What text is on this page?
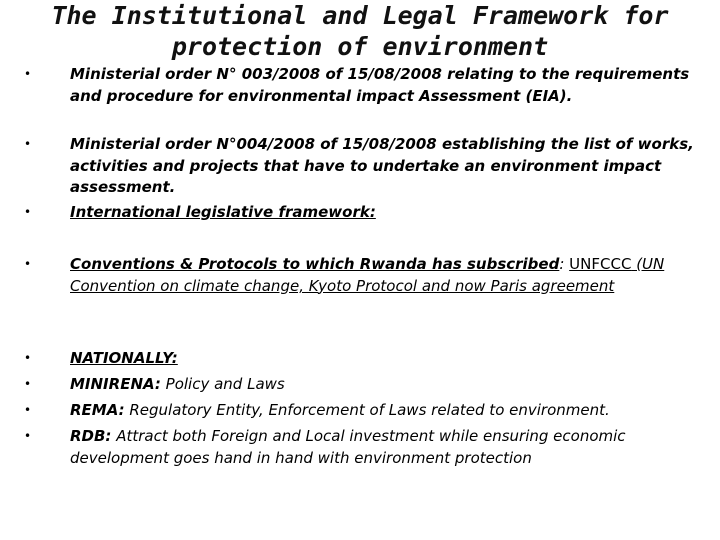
The Institutional and Legal Framework for
protection of environment
•	Ministerial order N° 003/2008 of 15/08/2008 relating to the requirements and procedure for environmental impact Assessment (EIA).
•	Ministerial order N°004/2008 of 15/08/2008 establishing the list of works, activities and projects that have to undertake an environment impact assessment.
•	International legislative framework:
•	Conventions & Protocols to which Rwanda has subscribed: UNFCCC (UN Convention on climate change, Kyoto Protocol and now Paris agreement
•	NATIONALLY:
•	MINIRENA: Policy and Laws
•	REMA: Regulatory Entity, Enforcement of Laws related to environment.
•	RDB: Attract both Foreign and Local investment while ensuring economic development goes hand in hand with environment protection
